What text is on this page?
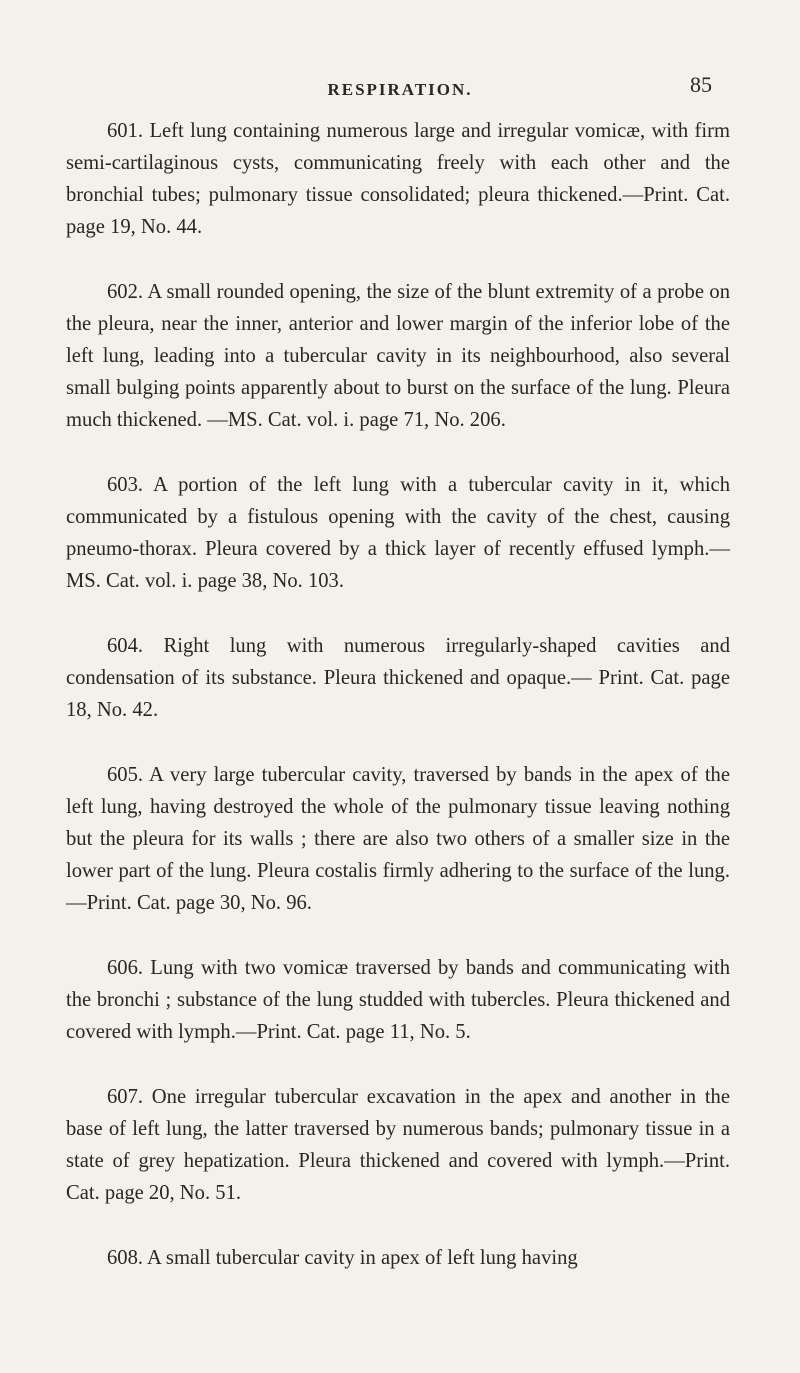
RESPIRATION.	85

601. Left lung containing numerous large and irregular vomicæ, with firm semi-cartilaginous cysts, communicating freely with each other and the bronchial tubes; pulmonary tissue consolidated; pleura thickened.—Print. Cat. page 19, No. 44.

602. A small rounded opening, the size of the blunt extremity of a probe on the pleura, near the inner, anterior and lower margin of the inferior lobe of the left lung, leading into a tubercular cavity in its neighbourhood, also several small bulging points apparently about to burst on the surface of the lung. Pleura much thickened. —MS. Cat. vol. i. page 71, No. 206.

603. A portion of the left lung with a tubercular cavity in it, which communicated by a fistulous opening with the cavity of the chest, causing pneumo-thorax. Pleura covered by a thick layer of recently effused lymph.—MS. Cat. vol. i. page 38, No. 103.

604. Right lung with numerous irregularly-shaped cavities and condensation of its substance. Pleura thickened and opaque.— Print. Cat. page 18, No. 42.

605. A very large tubercular cavity, traversed by bands in the apex of the left lung, having destroyed the whole of the pulmonary tissue leaving nothing but the pleura for its walls ; there are also two others of a smaller size in the lower part of the lung. Pleura costalis firmly adhering to the surface of the lung.—Print. Cat. page 30, No. 96.

606. Lung with two vomicæ traversed by bands and communicating with the bronchi ; substance of the lung studded with tubercles. Pleura thickened and covered with lymph.—Print. Cat. page 11, No. 5.

607. One irregular tubercular excavation in the apex and another in the base of left lung, the latter traversed by numerous bands; pulmonary tissue in a state of grey hepatization. Pleura thickened and covered with lymph.—Print. Cat. page 20, No. 51.

608. A small tubercular cavity in apex of left lung having
